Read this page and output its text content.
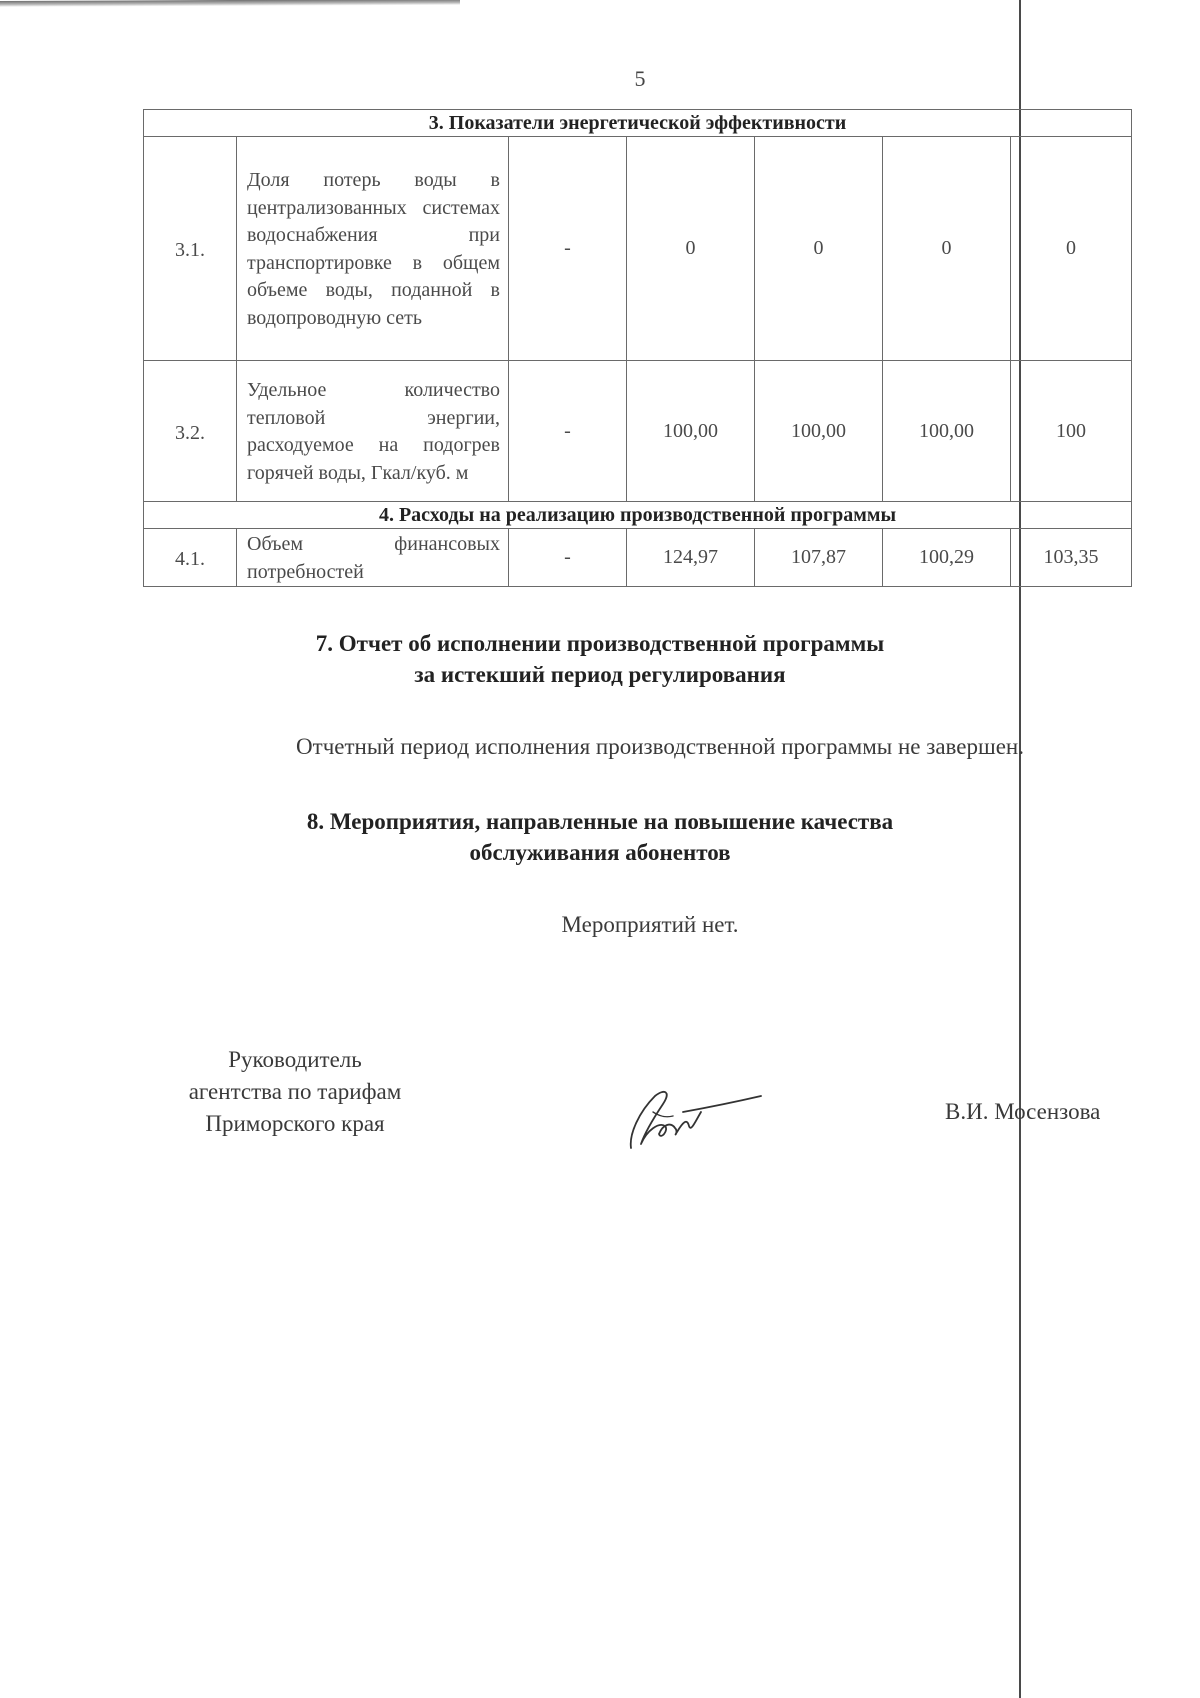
5
3. Показатели энергетической эффективности						
3.1.	Доля потерь воды в централизованных системах водоснабжения при транспортировке в общем объеме воды, поданной в водопроводную сеть	-	0	0	0	0
3.2.	Удельное количество тепловой энергии, расходуемое на подогрев горячей воды, Гкал/куб. м	-	100,00	100,00	100,00	100
4. Расходы на реализацию производственной программы						
4.1.	Объем финансовых потребностей	-	124,97	107,87	100,29	103,35
7. Отчет об исполнении производственной программы
за истекший период регулирования
Отчетный период исполнения производственной программы не завершен.
8. Мероприятия, направленные на повышение качества
обслуживания абонентов
Мероприятий нет.
Руководитель
агентства по тарифам
Приморского края	В.И. Мосензова
